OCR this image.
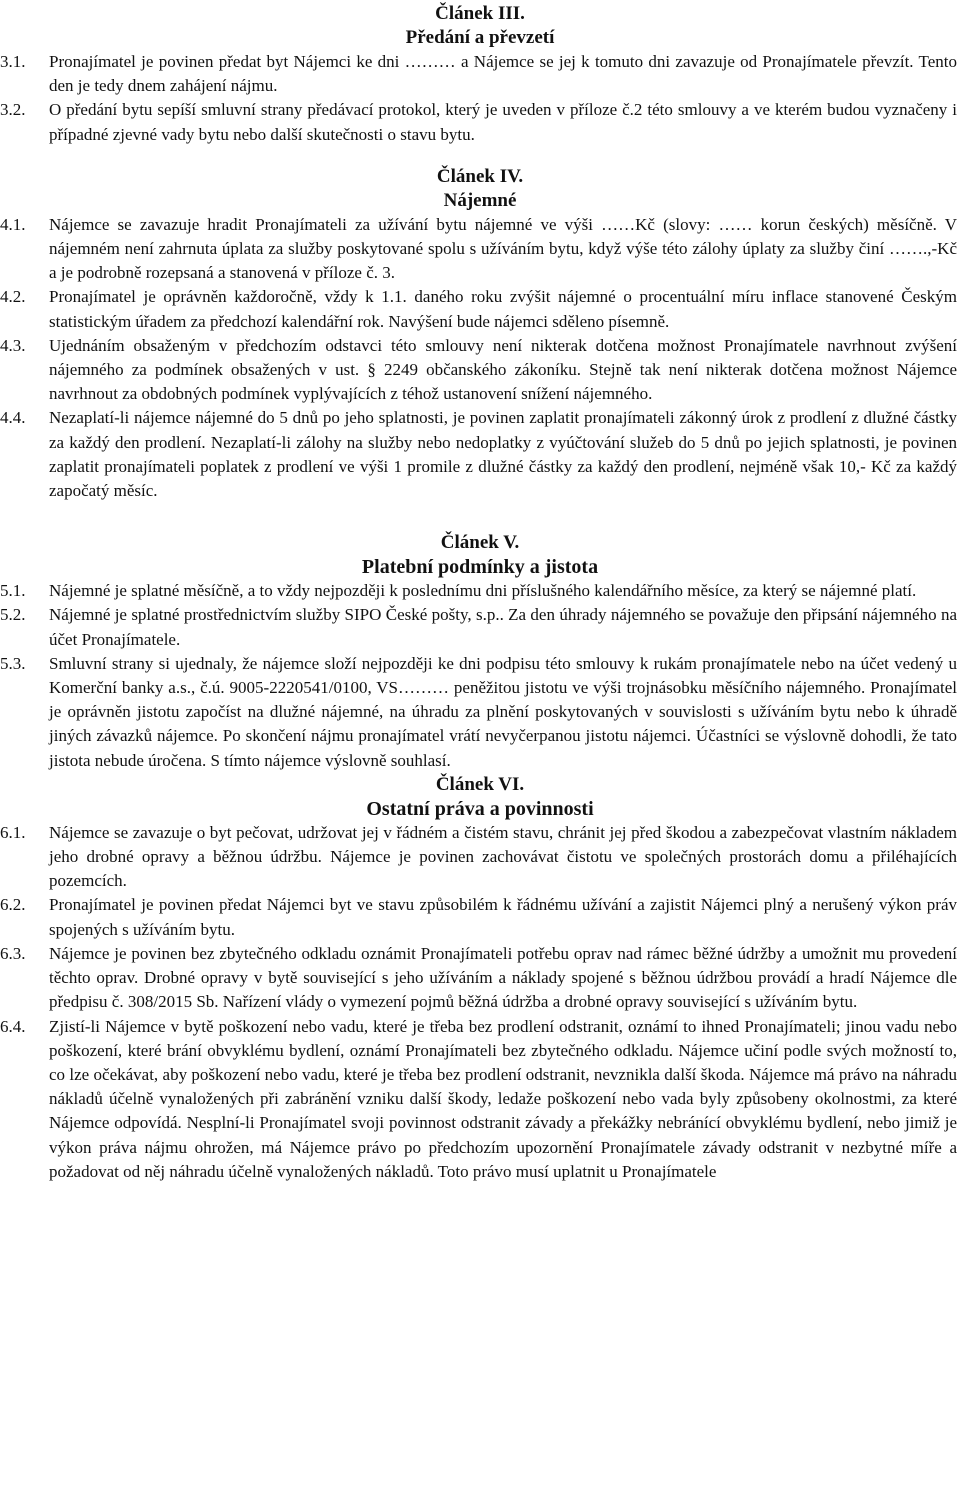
Článek III.
Předání a převzetí
3.1. Pronajímatel je povinen předat byt Nájemci ke dni ……… a Nájemce se jej k tomuto dni zavazuje od Pronajímatele převzít. Tento den je tedy dnem zahájení nájmu.
3.2. O předání bytu sepíší smluvní strany předávací protokol, který je uveden v příloze č.2 této smlouvy a ve kterém budou vyznačeny i případné zjevné vady bytu nebo další skutečnosti o stavu bytu.
Článek IV.
Nájemné
4.1. Nájemce se zavazuje hradit Pronajímateli za užívání bytu nájemné ve výši ……Kč (slovy: …… korun českých) měsíčně. V nájemném není zahrnuta úplata za služby poskytované spolu s užíváním bytu, když výše této zálohy úplaty za služby činí …….,-Kč a je podrobně rozepsaná a stanovená v příloze č. 3.
4.2. Pronajímatel je oprávněn každoročně, vždy k 1.1. daného roku zvýšit nájemné o procentuální míru inflace stanovené Českým statistickým úřadem za předchozí kalendářní rok. Navýšení bude nájemci sděleno písemně.
4.3. Ujednáním obsaženým v předchozím odstavci této smlouvy není nikterak dotčena možnost Pronajímatele navrhnout zvýšení nájemného za podmínek obsažených v ust. § 2249 občanského zákoníku. Stejně tak není nikterak dotčena možnost Nájemce navrhnout za obdobných podmínek vyplývajících z téhož ustanovení snížení nájemného.
4.4. Nezaplatí-li nájemce nájemné do 5 dnů po jeho splatnosti, je povinen zaplatit pronajímateli zákonný úrok z prodlení z dlužné částky za každý den prodlení. Nezaplatí-li zálohy na služby nebo nedoplatky z vyúčtování služeb do 5 dnů po jejich splatnosti, je povinen zaplatit pronajímateli poplatek z prodlení ve výši 1 promile z dlužné částky za každý den prodlení, nejméně však 10,- Kč za každý započatý měsíc.
Článek V.
Platební podmínky a jistota
5.1. Nájemné je splatné měsíčně, a to vždy nejpozději k poslednímu dni příslušného kalendářního měsíce, za který se nájemné platí.
5.2. Nájemné je splatné prostřednictvím služby SIPO České pošty, s.p.. Za den úhrady nájemného se považuje den připsání nájemného na účet Pronajímatele.
5.3. Smluvní strany si ujednaly, že nájemce složí nejpozději ke dni podpisu této smlouvy k rukám pronajímatele nebo na účet vedený u Komerční banky a.s., č.ú. 9005-2220541/0100, VS……… peněžitou jistotu ve výši trojnásobku měsíčního nájemného. Pronajímatel je oprávněn jistotu započíst na dlužné nájemné, na úhradu za plnění poskytovaných v souvislosti s užíváním bytu nebo k úhradě jiných závazků nájemce. Po skončení nájmu pronajímatel vrátí nevyčerpanou jistotu nájemci. Účastníci se výslovně dohodli, že tato jistota nebude úročena. S tímto nájemce výslovně souhlasí.
Článek VI.
Ostatní práva a povinnosti
6.1. Nájemce se zavazuje o byt pečovat, udržovat jej v řádném a čistém stavu, chránit jej před škodou a zabezpečovat vlastním nákladem jeho drobné opravy a běžnou údržbu. Nájemce je povinen zachovávat čistotu ve společných prostorách domu a přiléhajících pozemcích.
6.2. Pronajímatel je povinen předat Nájemci byt ve stavu způsobilém k řádnému užívání a zajistit Nájemci plný a nerušený výkon práv spojených s užíváním bytu.
6.3. Nájemce je povinen bez zbytečného odkladu oznámit Pronajímateli potřebu oprav nad rámec běžné údržby a umožnit mu provedení těchto oprav. Drobné opravy v bytě související s jeho užíváním a náklady spojené s běžnou údržbou provádí a hradí Nájemce dle předpisu č. 308/2015 Sb. Nařízení vlády o vymezení pojmů běžná údržba a drobné opravy související s užíváním bytu.
6.4. Zjistí-li Nájemce v bytě poškození nebo vadu, které je třeba bez prodlení odstranit, oznámí to ihned Pronajímateli; jinou vadu nebo poškození, které brání obvyklému bydlení, oznámí Pronajímateli bez zbytečného odkladu. Nájemce učiní podle svých možností to, co lze očekávat, aby poškození nebo vadu, které je třeba bez prodlení odstranit, nevznikla další škoda. Nájemce má právo na náhradu nákladů účelně vynaložených při zabránění vzniku další škody, ledaže poškození nebo vada byly způsobeny okolnostmi, za které Nájemce odpovídá. Nesplní-li Pronajímatel svoji povinnost odstranit závady a překážky nebránící obvyklému bydlení, nebo jimiž je výkon práva nájmu ohrožen, má Nájemce právo po předchozím upozornění Pronajímatele závady odstranit v nezbytné míře a požadovat od něj náhradu účelně vynaložených nákladů. Toto právo musí uplatnit u Pronajímatele
